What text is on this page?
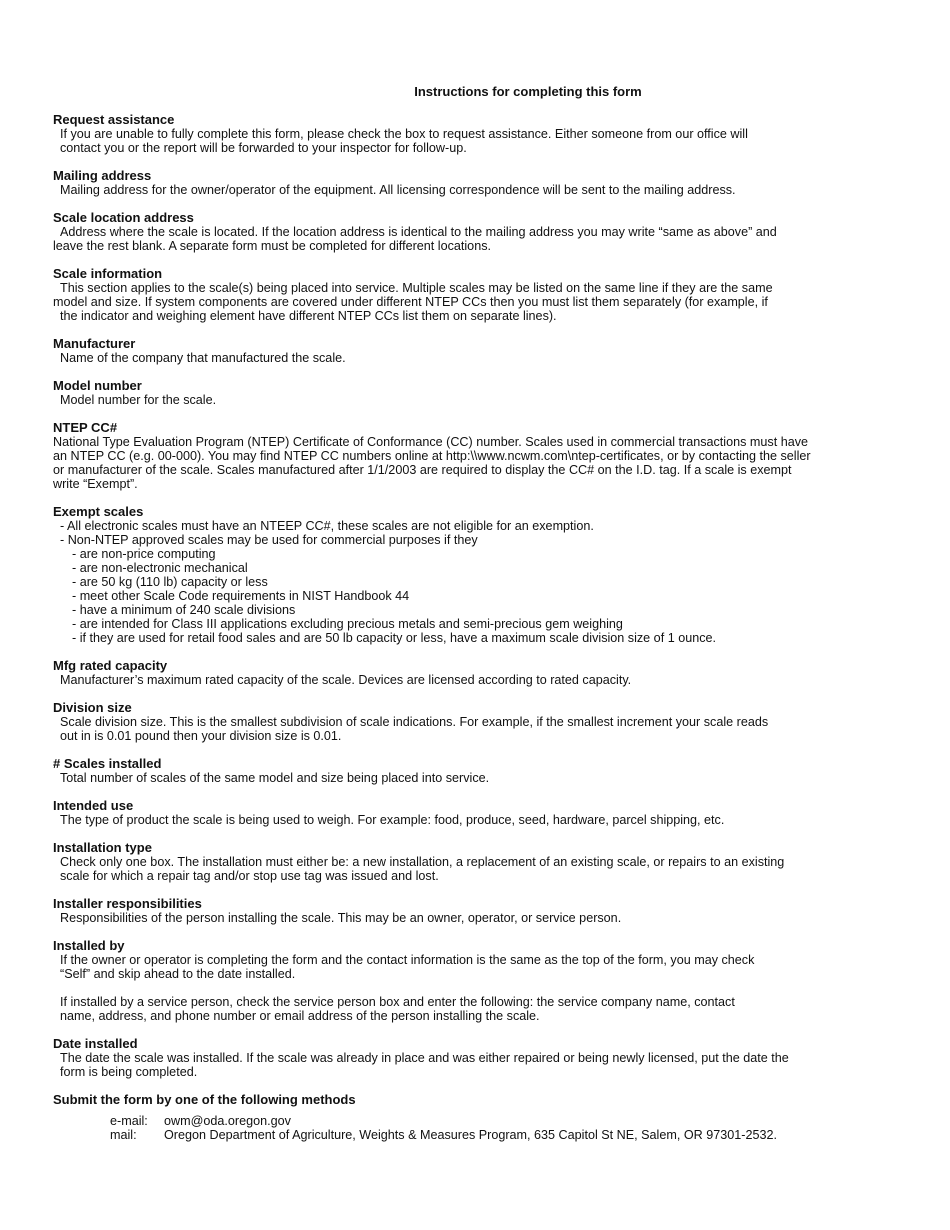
Instructions for completing this form
Request assistance
If you are unable to fully complete this form, please check the box to request assistance. Either someone from our office will
contact you or the report will be forwarded to your inspector for follow-up.
Mailing address
Mailing address for the owner/operator of the equipment. All licensing correspondence will be sent to the mailing address.
Scale location address
Address where the scale is located. If the location address is identical to the mailing address you may write “same as above” and
leave the rest blank. A separate form must be completed for different locations.
Scale information
This section applies to the scale(s) being placed into service. Multiple scales may be listed on the same line if they are the same
model and size. If system components are covered under different NTEP CCs then you must list them separately (for example, if
the indicator and weighing element have different NTEP CCs list them on separate lines).
Manufacturer
Name of the company that manufactured the scale.
Model number
Model number for the scale.
NTEP CC#
National Type Evaluation Program (NTEP) Certificate of Conformance (CC) number. Scales used in commercial transactions must have
an NTEP CC (e.g. 00-000). You may find NTEP CC numbers online at http:\\www.ncwm.com\ntep-certificates, or by contacting the seller
or manufacturer of the scale. Scales manufactured after 1/1/2003 are required to display the CC# on the I.D. tag. If a scale is exempt
write “Exempt”.
Exempt scales
- All electronic scales must have an NTEEP CC#, these scales are not eligible for an exemption.
- Non-NTEP approved scales may be used for commercial purposes if they
- are non-price computing
- are non-electronic mechanical
- are 50 kg (110 lb) capacity or less
- meet other Scale Code requirements in NIST Handbook 44
- have a minimum of 240 scale divisions
- are intended for Class III applications excluding precious metals and semi-precious gem weighing
- if they are used for retail food sales and are 50 lb capacity or less, have a maximum scale division size of 1 ounce.
Mfg rated capacity
Manufacturer’s maximum rated capacity of the scale. Devices are licensed according to rated capacity.
Division size
Scale division size. This is the smallest subdivision of scale indications. For example, if the smallest increment your scale reads
out in is 0.01 pound then your division size is 0.01.
# Scales installed
Total number of scales of the same model and size being placed into service.
Intended use
The type of product the scale is being used to weigh. For example: food, produce, seed, hardware, parcel shipping, etc.
Installation type
Check only one box. The installation must either be: a new installation, a replacement of an existing scale, or repairs to an existing
scale for which a repair tag and/or stop use tag was issued and lost.
Installer responsibilities
Responsibilities of the person installing the scale. This may be an owner, operator, or service person.
Installed by
If the owner or operator is completing the form and the contact information is the same as the top of the form, you may check
“Self” and skip ahead to the date installed.
If installed by a service person, check the service person box and enter the following: the service company name, contact
name, address, and phone number or email address of the person installing the scale.
Date installed
The date the scale was installed. If the scale was already in place and was either repaired or being newly licensed, put the date the
form is being completed.
Submit the form by one of the following methods
e-mail:	owm@oda.oregon.gov
mail:	Oregon Department of Agriculture, Weights & Measures Program, 635 Capitol St NE, Salem, OR 97301-2532.
